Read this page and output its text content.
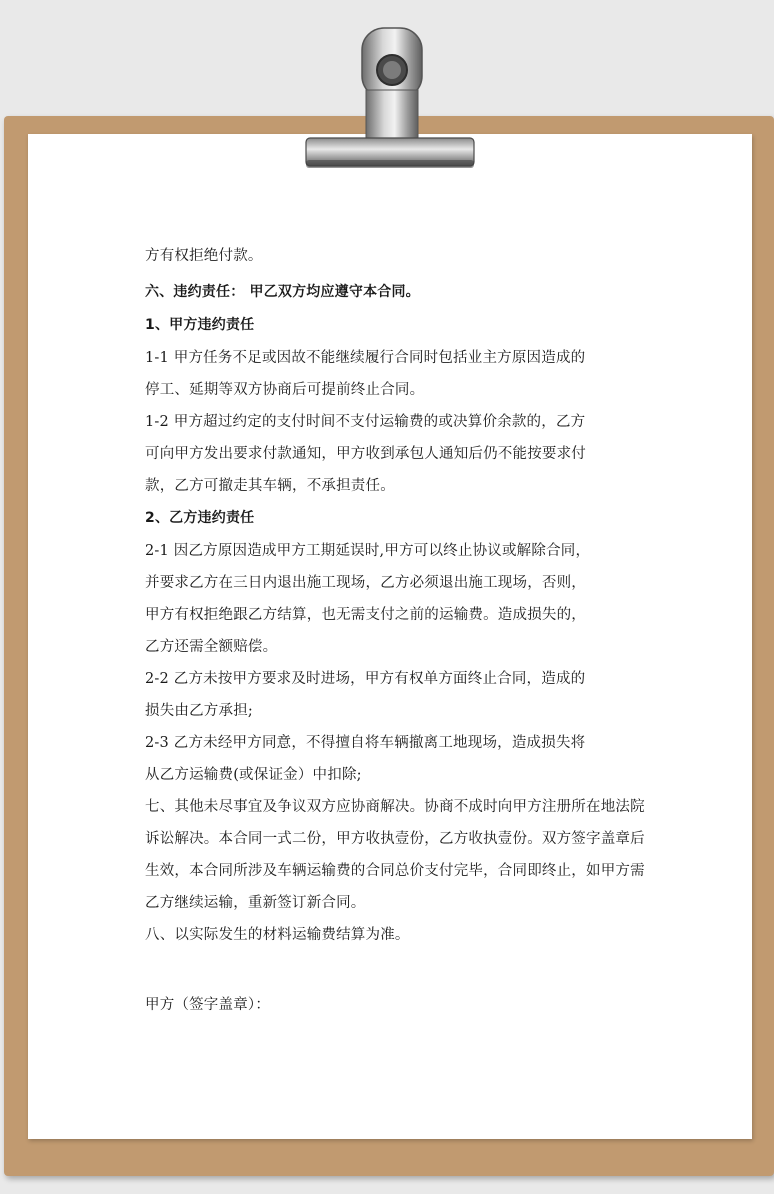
方有权拒绝付款。
六、违约责任： 甲乙双方均应遵守本合同。
1、甲方违约责任
1-1 甲方任务不足或因故不能继续履行合同时包括业主方原因造成的
停工、延期等双方协商后可提前终止合同。
1-2 甲方超过约定的支付时间不支付运输费的或决算价余款的，乙方
可向甲方发出要求付款通知，甲方收到承包人通知后仍不能按要求付
款，乙方可撤走其车辆，不承担责任。
2、乙方违约责任
2-1 因乙方原因造成甲方工期延误时,甲方可以终止协议或解除合同，
并要求乙方在三日内退出施工现场，乙方必须退出施工现场，否则，
甲方有权拒绝跟乙方结算，也无需支付之前的运输费。造成损失的，
乙方还需全额赔偿。
2-2 乙方未按甲方要求及时进场，甲方有权单方面终止合同，造成的
损失由乙方承担;
2-3 乙方未经甲方同意，不得擅自将车辆撤离工地现场，造成损失将
从乙方运输费(或保证金）中扣除;
七、其他未尽事宜及争议双方应协商解决。协商不成时向甲方注册所在地法院
诉讼解决。本合同一式二份，甲方收执壹份，乙方收执壹份。双方签字盖章后
生效，本合同所涉及车辆运输费的合同总价支付完毕，合同即终止，如甲方需
乙方继续运输，重新签订新合同。
八、以实际发生的材料运输费结算为准。
甲方（签字盖章）：
